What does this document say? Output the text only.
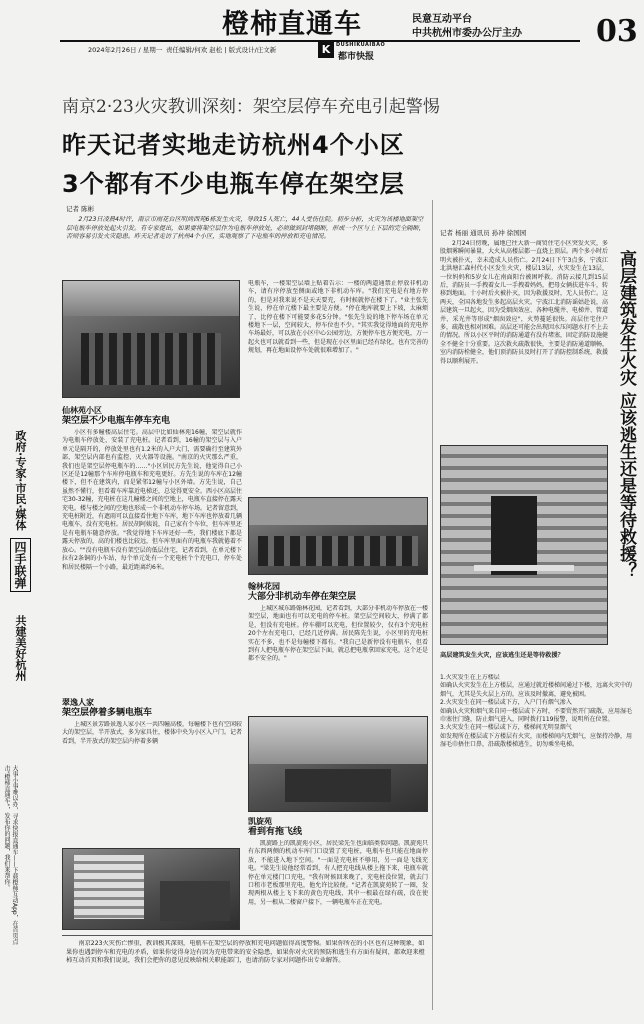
橙柿直通车	民意互动平台
中共杭州市委办公厅主办
2024年2月26日 / 星期一 责任编辑/何欢 赵松 | 版式设计/庄文新	K	DUSHIKUAIBAO
都市快报
03
南京2·23火灾教训深刻：架空层停车充电引起警惕
昨天记者实地走访杭州4个小区
3个都有不少电瓶车停在架空层
记者 陈彬
2月23日凌晨4时许，南京市雨花台区明尚西苑6栋发生火灾，导致15人死亡，44人受伤住院。初步分析，火灾为该楼地面架空层电瓶车停放处起火引发。有专家提出，如果要将架空层作为电瓶车停放处，必须做到封堵隔断，形成一个区与上下层的完全隔断，否则容易引发火灾隐患。昨天记者走访了杭州4个小区，实地观察了下电瓶车的停放和充电情况。
政府·专家·市民·媒体
四手联弹
共建美好杭州
大事小事难以办，寻求快报直通车——下载橙柿互动App，在首页点击"橙柿直通车"，发布你的问题，我们来帮你。
仙林苑小区
架空层不少电瓶车停车充电
小区有多幢楼高层住宅。高层中比如仙林苑16幢，架空层就作为电瓶车停放处，安装了充电桩。记者看到，16幢的架空层与入户单元是隔开的，停放处里也有1.2米的入户大门，需要确行至建筑外部，架空层内部也有监控、灭火器等设施。"南京的火灾那么严重，我们也是架空层停电瓶车的……"小区居民方先生说，他觉得自己小区还是12幢那个车库停电瓶车和充电更好。方先生说的车库在12幢楼下，但不在建筑内，而是紧邻12幢与小区外墙。方先生说，自己虽然不懂行，但看着车库靠近电梯还，总觉得更安全。西小区高层住宅30-32幢，充电桩在这几幢楼之间的空地上，电瓶车直接停在露天充电。楼与楼之间的空地也形成一个非机动车停车场。记者留意到，充电桩附近，有遮雨可以直接看住地下车库，地下车库也停放着几辆电瓶车，没有充电桩。居民胡阿姨说，自己家有个车位，但车库里还是有电瓶车随意停放。"我觉得地下车库还好一些，我们楼底下都是露天停放的，高的们楼也比较远，但车库里面有的电瓶车我就倦着不放心。""没有电瓶车没有架空层的低层住宅，记者看到，在单元楼下拉有2条铜的小车站，每个单元处有一个充电桩个个充电口，停车处和居民楼隔一个小路，最近距离约6米。
翠逸人家
架空层停着多辆电瓶车
上城区景芳路景逸人家小区一共四幢高楼，每幢楼下也有空闲较大的架空层，半开放式，多为家具住，楼体中央为小区入户门。记者看到，半开放式的架空层内停着多辆
电瓶车，一楼架空层墙上贴着告示：一楼的两道通禁止停放非机动车，请有序停放至侧面或地下非机动车库。"我们充电是有地方停的，但是对我来说不是天天要充，有时候就停在楼下了。"业主张先生说，停在单元楼下最主要是方便。"停在地库就要上下坡，太麻烦了，比停在楼下可能要多花5分钟。"张先生说的地下停车场在单元楼地下一层，空间较大，停车位也不少。"其实我觉得地面的充电停车场最好，可以放在小区中心公园旁边，方便停车也方便充电，万一起火也可以就看到一些，但是现在小区里面已经有绿化，也有完善的规划，再在地面设停车处就很难增加了。"
翰林花园
大部分非机动车停在架空层
上城区城东路翰林花园，记者看到，大部分非机动车停放在一楼架空层，地面也有可以充电的停车桩。架空层空间较大，停满了都是，但没有充电桩。停车棚可以充电，但位置较少，仅有3个充电桩20个左右充电口，已经几近停满。居民陈先生说，小区里的充电桩实在不多，也不是每幢楼下都有。"我自己是新停没有电瓶车，但看到有人把电瓶车停在架空层下面，就总把电瓶拿回家充电，这个还是都不安全的。"
凯旋苑
看到有拖飞线
凯旋路上的凯旋苑小区，居民梁先生也面临类似问题。凯旋苑只有东西两侧的机动车库门口设置了充电桩，电瓶车也只能在地面停放，不能进入地下空间。"一面是充电桩不够用，另一面是飞线充电。"梁先生说他经常看到，有人把充电线从楼上拖下来，电瓶车就停在单元楼门口充电，"我有时候回来晚了，充电桩没位置，就去门口租市老板那里充电，他允许比较便。"记者在凯旋苑转了一圈，发现两根从楼上飞下来的黄色充电线，其中一根最在绿有疏，没在使用，另一根从二楼窗户接下，一辆电瓶车正在充电。
记者 杨丽 通讯员 孙冲 徐国园
2月24日傍晚，属地已往大新一商贸住宅小区突发火灾，多股烟雾瞬间暴量，大火从高楼层都一直烧上顶层。两个多小时后明火被扑灭，幸未造成人员伤亡。2月24日下午3点多，宁波江北洪塘汇森村代小区发生火灾，楼层13层，火灾发生在13层，一位妈妈和5岁女儿在南面阳台被困呼救。消防云接几到15层后，消防员一手拽着女儿一手拽着妈妈，把母女俩扶进车斗，转移到地面。十小时后火被扑灭，因为救援及时，无人员伤亡。这两天，全国各地发生多起高层火灾。宁波江北消防谣姑赴说，高层建筑一旦起火，因为受烟囱效应、各种电缆井、电梯井、管道井、采光井等形成"烟囱效应"，火势蔓延很快。高层住宅住户多，疏散也相对困难。高层还可能会出现因水压问题水打不上去的情况。所以小区平时的消防通道有没有堵塞，固定消防设施健全不健全十分重要。这次救火疏散很快，主要是消防通道顺畅，室内消防栓健全，他们顶消防员及时打开了消防控制系统，救援得以顺利展开。	高层建筑发生火灾 应该逃生还是等待救援？
高层建筑发生火灾，应该逃生还是等待救援？
1.火灾发生在上方楼层
如确认火灾发生在上方楼层，应通过就近楼梯间通过下楼，远离火灾中的烟气，尤其是失火层上方的，应该及时撤离，避免被困。
2.火灾发生在同一楼层或下方，入户门有烟气渗入
如确认火灾和烟气来自同一楼层或下方时，不要贸然开门疏散，应用湿毛巾塞住门缝，防止烟气进入，同时拨打119报警，说明所在位置。
3.火灾发生在同一楼层或下方，楼梯间无明显烟气
如发现所在楼层或下方楼层有火灾，而楼梯间内无烟气，应保持冷静，用湿毛巾捂住口鼻，沿疏散楼梯逃生，切勿乘坐电梯。
南京223火灾伤亡惨重，教训极其深刻，电瓶车在架空层的停放和充电问题值得高度警惕。如果你所在的小区也有这种现象，如果你也遇到停车和充电的矛盾，如果你觉得身边有因为充电带来的安全隐患，如果你对火灾的预防和逃生有方面有疑问，都欢迎来橙柿互动首页和我们说说，我们会把你的意见反映给相关职能部门，也请消防专家对问题作出专业解答。
